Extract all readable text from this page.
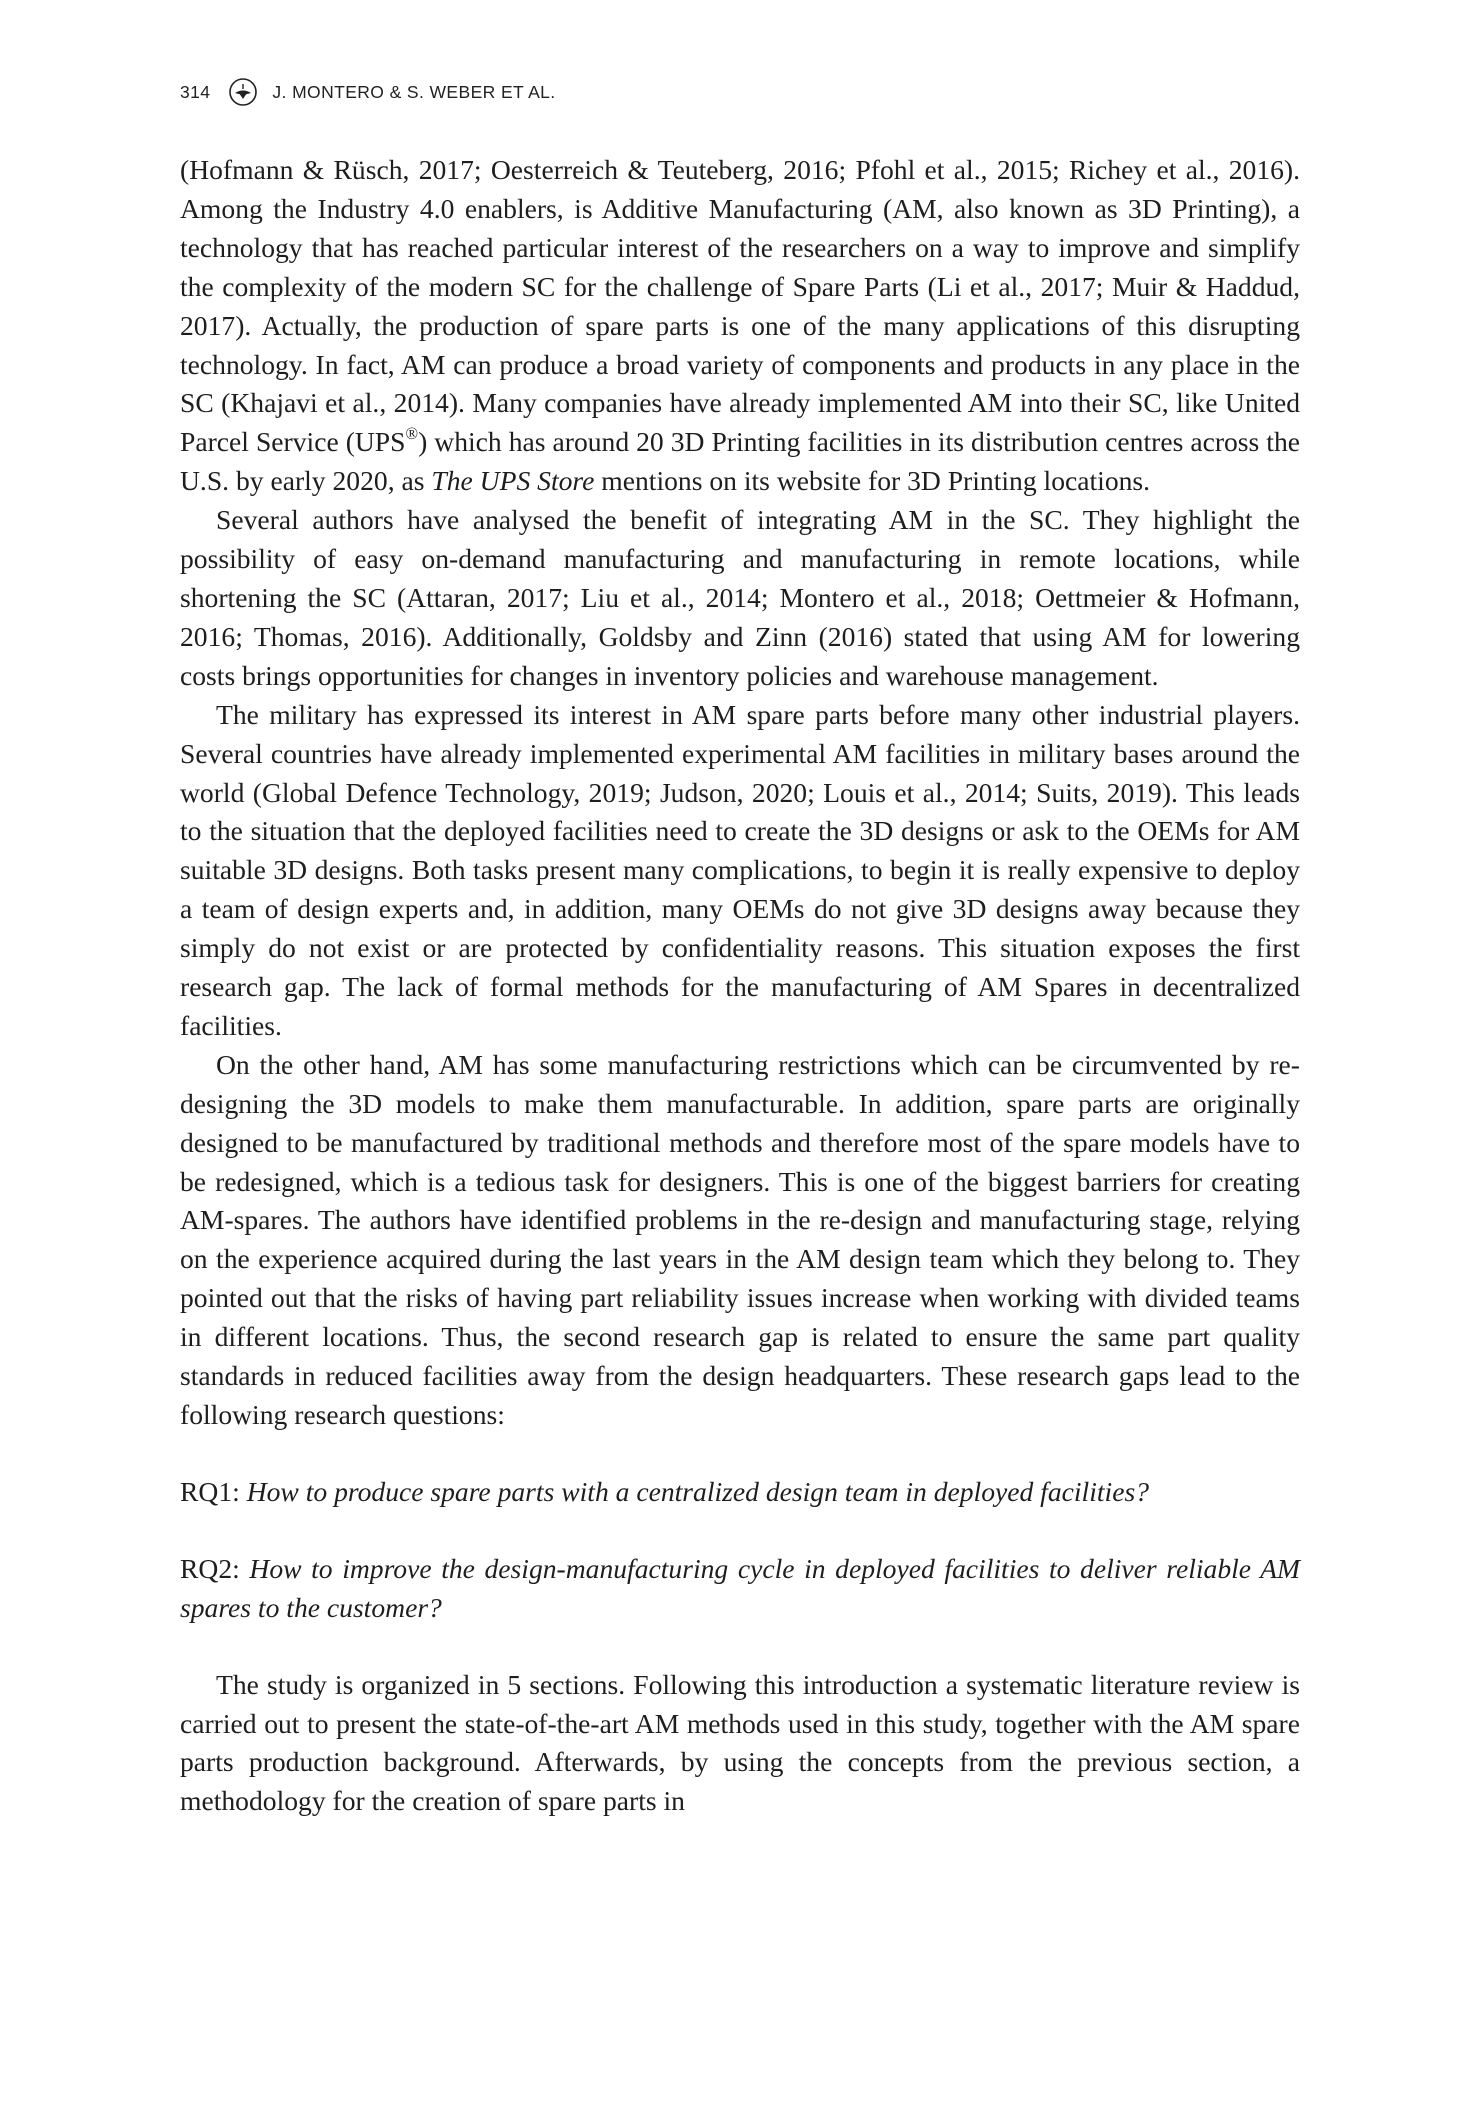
314	J. MONTERO & S. WEBER ET AL.

(Hofmann & Rüsch, 2017; Oesterreich & Teuteberg, 2016; Pfohl et al., 2015; Richey et al., 2016). Among the Industry 4.0 enablers, is Additive Manufacturing (AM, also known as 3D Printing), a technology that has reached particular interest of the researchers on a way to improve and simplify the complexity of the modern SC for the challenge of Spare Parts (Li et al., 2017; Muir & Haddud, 2017). Actually, the production of spare parts is one of the many applications of this disrupting technology. In fact, AM can produce a broad variety of components and products in any place in the SC (Khajavi et al., 2014). Many companies have already implemented AM into their SC, like United Parcel Service (UPS®) which has around 20 3D Printing facilities in its distribution centres across the U.S. by early 2020, as The UPS Store mentions on its website for 3D Printing locations.

Several authors have analysed the benefit of integrating AM in the SC. They highlight the possibility of easy on-demand manufacturing and manufacturing in remote locations, while shortening the SC (Attaran, 2017; Liu et al., 2014; Montero et al., 2018; Oettmeier & Hofmann, 2016; Thomas, 2016). Additionally, Goldsby and Zinn (2016) stated that using AM for lowering costs brings opportunities for changes in inventory policies and warehouse management.

The military has expressed its interest in AM spare parts before many other industrial players. Several countries have already implemented experimental AM facilities in military bases around the world (Global Defence Technology, 2019; Judson, 2020; Louis et al., 2014; Suits, 2019). This leads to the situation that the deployed facilities need to create the 3D designs or ask to the OEMs for AM suitable 3D designs. Both tasks present many complications, to begin it is really expensive to deploy a team of design experts and, in addition, many OEMs do not give 3D designs away because they simply do not exist or are protected by confidentiality reasons. This situation exposes the first research gap. The lack of formal methods for the manufacturing of AM Spares in decentralized facilities.

On the other hand, AM has some manufacturing restrictions which can be circumvented by re-designing the 3D models to make them manufacturable. In addition, spare parts are originally designed to be manufactured by traditional methods and therefore most of the spare models have to be redesigned, which is a tedious task for designers. This is one of the biggest barriers for creating AM-spares. The authors have identified problems in the re-design and manufacturing stage, relying on the experience acquired during the last years in the AM design team which they belong to. They pointed out that the risks of having part reliability issues increase when working with divided teams in different locations. Thus, the second research gap is related to ensure the same part quality standards in reduced facilities away from the design headquarters. These research gaps lead to the following research questions:

RQ1: How to produce spare parts with a centralized design team in deployed facilities?

RQ2: How to improve the design-manufacturing cycle in deployed facilities to deliver reliable AM spares to the customer?

The study is organized in 5 sections. Following this introduction a systematic literature review is carried out to present the state-of-the-art AM methods used in this study, together with the AM spare parts production background. Afterwards, by using the concepts from the previous section, a methodology for the creation of spare parts in
